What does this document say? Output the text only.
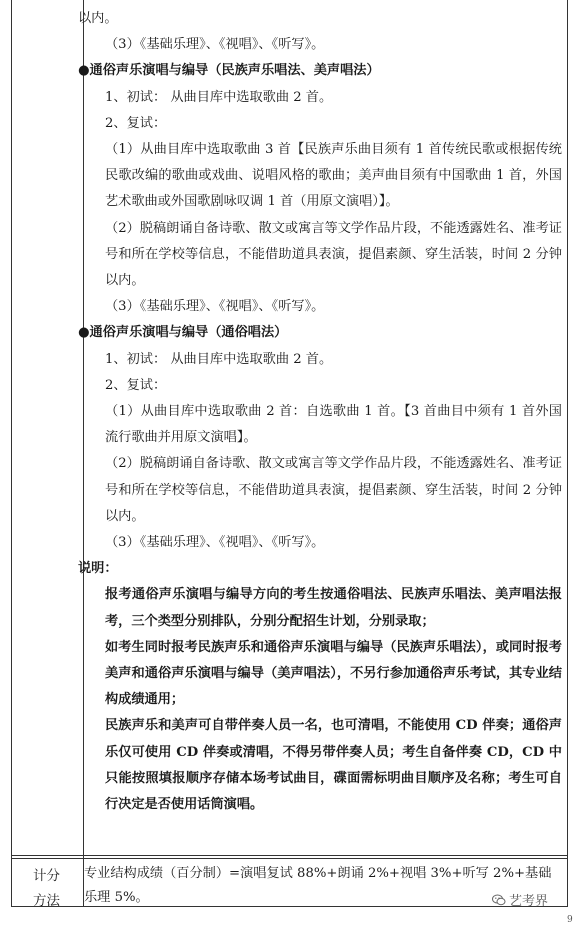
以内。

（3）《基础乐理》、《视唱》、《听写》。

●通俗声乐演唱与编导（民族声乐唱法、美声唱法）

1、初试： 从曲目库中选取歌曲 2 首。

2、复试：

（1）从曲目库中选取歌曲 3 首【民族声乐曲目须有 1 首传统民歌或根据传统民歌改编的歌曲或戏曲、说唱风格的歌曲；美声曲目须有中国歌曲 1 首，外国艺术歌曲或外国歌剧咏叹调 1 首（用原文演唱）】。

（2）脱稿朗诵自备诗歌、散文或寓言等文学作品片段，不能透露姓名、准考证号和所在学校等信息，不能借助道具表演，提倡素颜、穿生活装，时间 2 分钟以内。

（3）《基础乐理》、《视唱》、《听写》。

●通俗声乐演唱与编导（通俗唱法）

1、初试： 从曲目库中选取歌曲 2 首。

2、复试：

（1）从曲目库中选取歌曲 2 首：自选歌曲 1 首。【3 首曲目中须有 1 首外国流行歌曲并用原文演唱】。

（2）脱稿朗诵自备诗歌、散文或寓言等文学作品片段，不能透露姓名、准考证号和所在学校等信息，不能借助道具表演，提倡素颜、穿生活装，时间 2 分钟以内。

（3）《基础乐理》、《视唱》、《听写》。

说明：

报考通俗声乐演唱与编导方向的考生按通俗唱法、民族声乐唱法、美声唱法报考，三个类型分别排队，分别分配招生计划，分别录取；

如考生同时报考民族声乐和通俗声乐演唱与编导（民族声乐唱法），或同时报考美声和通俗声乐演唱与编导（美声唱法），不另行参加通俗声乐考试，其专业结构成绩通用；

民族声乐和美声可自带伴奏人员一名，也可清唱，不能使用 CD 伴奏；通俗声乐仅可使用 CD 伴奏或清唱，不得另带伴奏人员；考生自备伴奏 CD，CD 中只能按照填报顺序存储本场考试曲目，碟面需标明曲目顺序及名称；考生可自行决定是否使用话筒演唱。

计分
方法

专业结构成绩（百分制）=演唱复试 88%+朗诵 2%+视唱 3%+听写 2%+基础乐理 5%。	艺考界
9
